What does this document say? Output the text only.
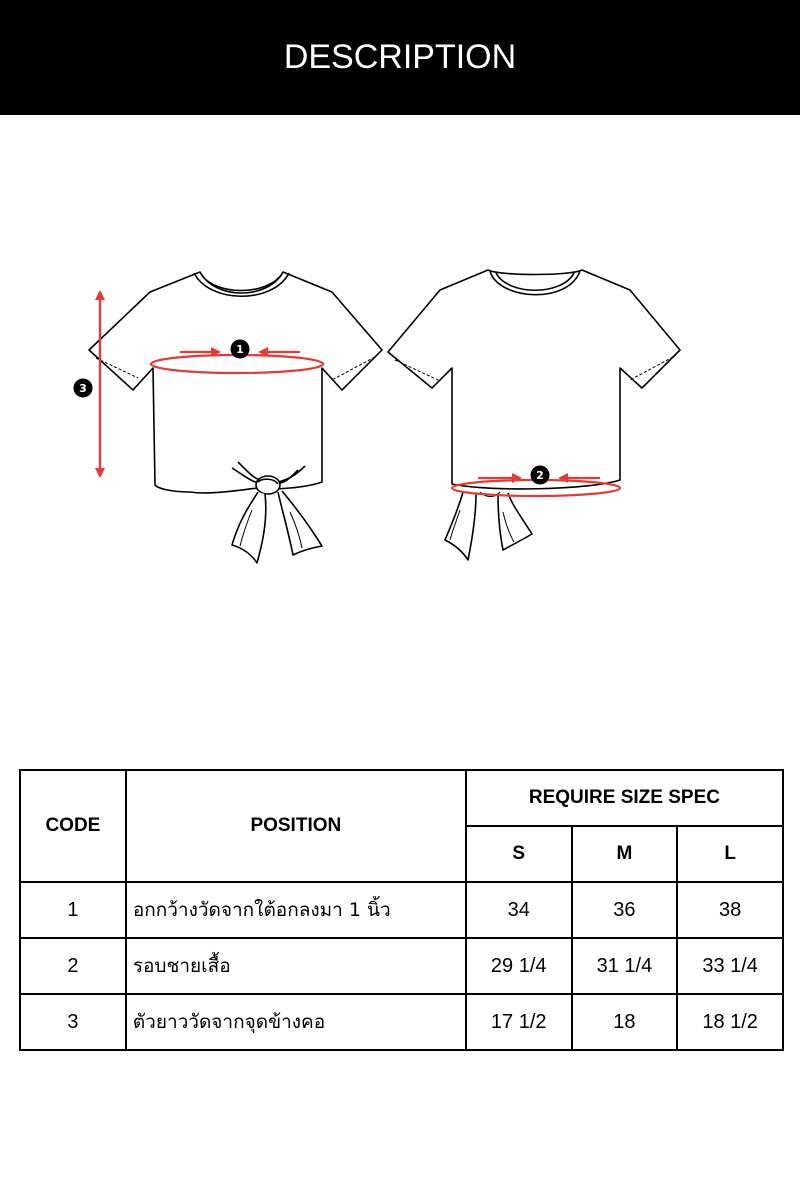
DESCRIPTION
1
3
2
CODE	POSITION	REQUIRE SIZE SPEC		
		S	M	L
1	อกกว้างวัดจากใต้อกลงมา 1 นิ้ว	34	36	38
2	รอบชายเสื้อ	29 1/4	31 1/4	33 1/4
3	ตัวยาววัดจากจุดข้างคอ	17 1/2	18	18 1/2
